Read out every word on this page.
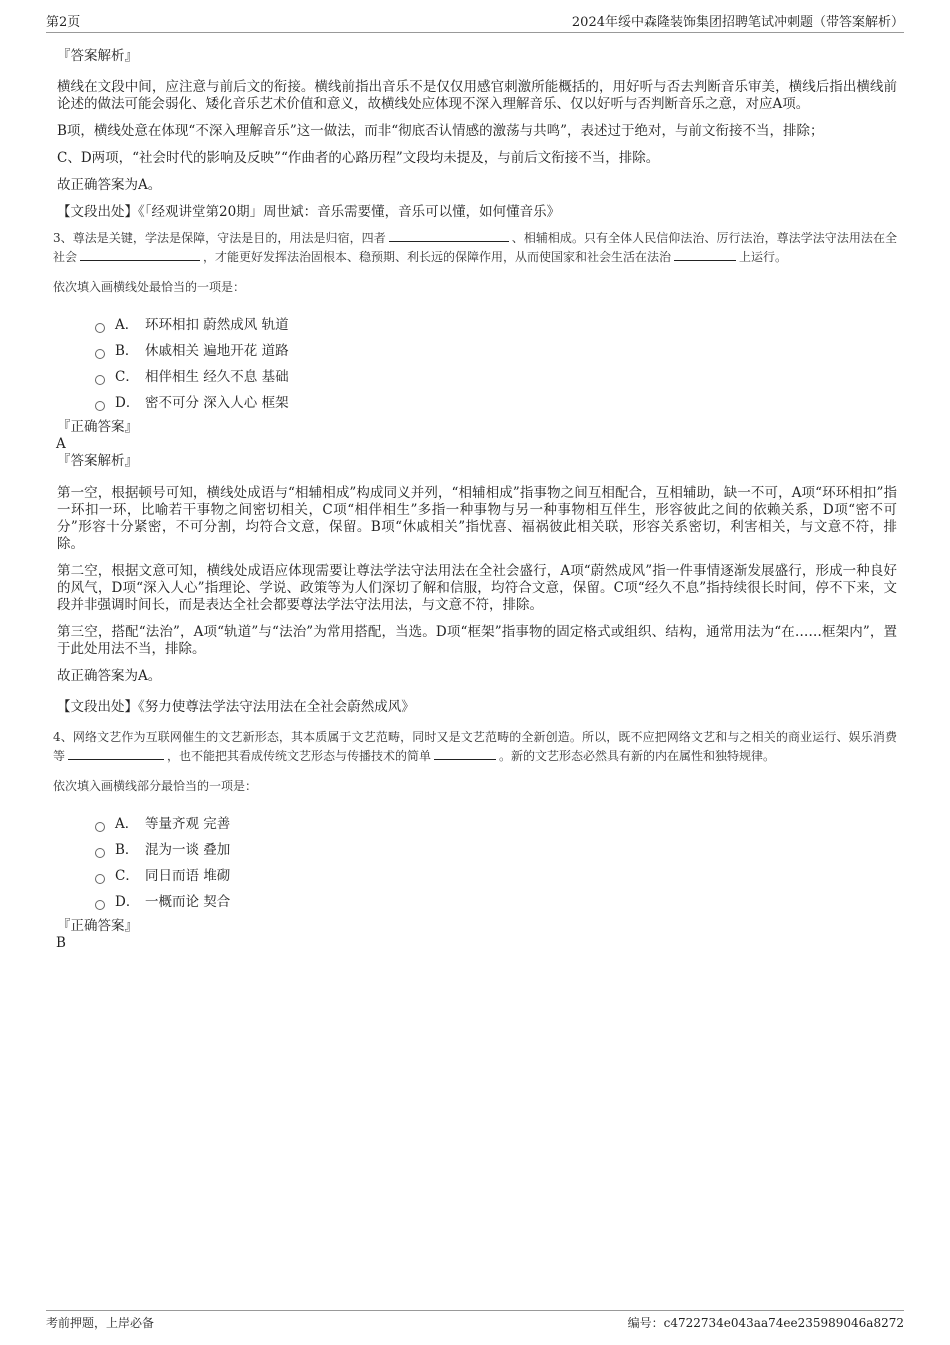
第2页	2024年绥中森隆装饰集团招聘笔试冲刺题（带答案解析）

『答案解析』

横线在文段中间，应注意与前后文的衔接。横线前指出音乐不是仅仅用感官刺激所能概括的，用好听与否去判断音乐审美，横线后指出横线前论述的做法可能会弱化、矮化音乐艺术价值和意义，故横线处应体现不深入理解音乐、仅以好听与否判断音乐之意，对应A项。

B项，横线处意在体现“不深入理解音乐”这一做法，而非“彻底否认情感的激荡与共鸣”，表述过于绝对，与前文衔接不当，排除；

C、D两项，“社会时代的影响及反映”“作曲者的心路历程”文段均未提及，与前后文衔接不当，排除。

故正确答案为A。

【文段出处】《「经观讲堂第20期」周世斌：音乐需要懂，音乐可以懂，如何懂音乐》

3、尊法是关键，学法是保障，守法是目的，用法是归宿，四者	、相辅相成。只有全体人民信仰法治、厉行法治，尊法学法守法用法在全社会	，才能更好发挥法治固根本、稳预期、利长远的保障作用，从而使国家和社会生活在法治	上运行。

依次填入画横线处最恰当的一项是：

A． 环环相扣 蔚然成风 轨道
B． 休戚相关 遍地开花 道路
C． 相伴相生 经久不息 基础
D． 密不可分 深入人心 框架

『正确答案』

A

『答案解析』

第一空，根据顿号可知，横线处成语与“相辅相成”构成同义并列，“相辅相成”指事物之间互相配合，互相辅助，缺一不可，A项“环环相扣”指一环扣一环，比喻若干事物之间密切相关，C项“相伴相生”多指一种事物与另一种事物相互伴生，形容彼此之间的依赖关系，D项“密不可分”形容十分紧密，不可分割，均符合文意，保留。B项“休戚相关”指忧喜、福祸彼此相关联，形容关系密切，利害相关，与文意不符，排除。

第二空，根据文意可知，横线处成语应体现需要让尊法学法守法用法在全社会盛行，A项“蔚然成风”指一件事情逐渐发展盛行，形成一种良好的风气，D项“深入人心”指理论、学说、政策等为人们深切了解和信服，均符合文意，保留。C项“经久不息”指持续很长时间，停不下来，文段并非强调时间长，而是表达全社会都要尊法学法守法用法，与文意不符，排除。

第三空，搭配“法治”，A项“轨道”与“法治”为常用搭配，当选。D项“框架”指事物的固定格式或组织、结构，通常用法为“在……框架内”，置于此处用法不当，排除。

故正确答案为A。

【文段出处】《努力使尊法学法守法用法在全社会蔚然成风》

4、网络文艺作为互联网催生的文艺新形态，其本质属于文艺范畴，同时又是文艺范畴的全新创造。所以，既不应把网络文艺和与之相关的商业运行、娱乐消费等	，也不能把其看成传统文艺形态与传播技术的简单	。新的文艺形态必然具有新的内在属性和独特规律。

依次填入画横线部分最恰当的一项是：

A． 等量齐观 完善
B． 混为一谈 叠加
C． 同日而语 堆砌
D． 一概而论 契合

『正确答案』

B

考前押题，上岸必备	编号：c4722734e043aa74ee235989046a8272
